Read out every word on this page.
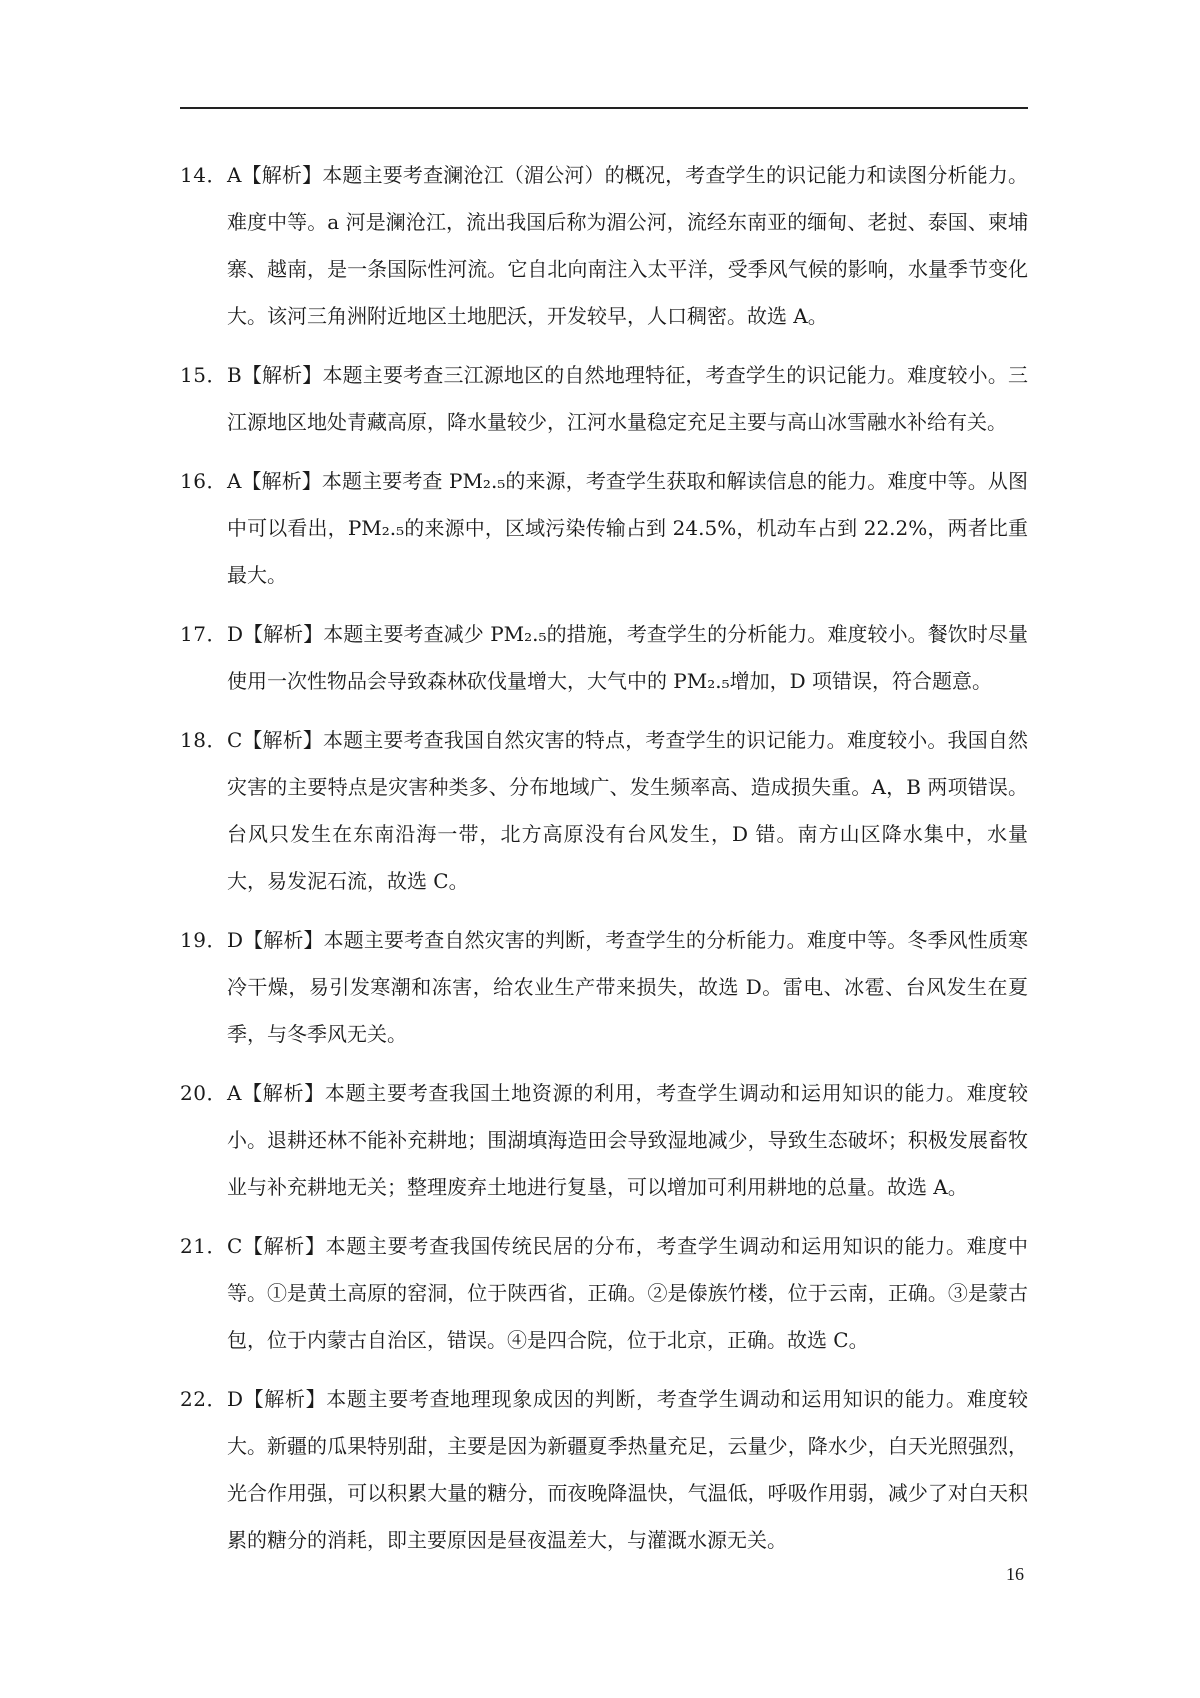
14． A【解析】本题主要考查澜沧江（湄公河）的概况，考查学生的识记能力和读图分析能力。难度中等。a 河是澜沧江，流出我国后称为湄公河，流经东南亚的缅甸、老挝、泰国、柬埔寨、越南，是一条国际性河流。它自北向南注入太平洋，受季风气候的影响，水量季节变化大。该河三角洲附近地区土地肥沃，开发较早，人口稠密。故选 A。
15． B【解析】本题主要考查三江源地区的自然地理特征，考查学生的识记能力。难度较小。三江源地区地处青藏高原，降水量较少，江河水量稳定充足主要与高山冰雪融水补给有关。
16． A【解析】本题主要考查 PM₂.₅的来源，考查学生获取和解读信息的能力。难度中等。从图中可以看出，PM₂.₅的来源中，区域污染传输占到 24.5%，机动车占到 22.2%，两者比重最大。
17． D【解析】本题主要考查减少 PM₂.₅的措施，考查学生的分析能力。难度较小。餐饮时尽量使用一次性物品会导致森林砍伐量增大，大气中的 PM₂.₅增加，D 项错误，符合题意。
18． C【解析】本题主要考查我国自然灾害的特点，考查学生的识记能力。难度较小。我国自然灾害的主要特点是灾害种类多、分布地域广、发生频率高、造成损失重。A，B 两项错误。台风只发生在东南沿海一带，北方高原没有台风发生，D 错。南方山区降水集中，水量大，易发泥石流，故选 C。
19． D【解析】本题主要考查自然灾害的判断，考查学生的分析能力。难度中等。冬季风性质寒冷干燥，易引发寒潮和冻害，给农业生产带来损失，故选 D。雷电、冰雹、台风发生在夏季，与冬季风无关。
20． A【解析】本题主要考查我国土地资源的利用，考查学生调动和运用知识的能力。难度较小。退耕还林不能补充耕地；围湖填海造田会导致湿地减少，导致生态破坏；积极发展畜牧业与补充耕地无关；整理废弃土地进行复垦，可以增加可利用耕地的总量。故选 A。
21． C【解析】本题主要考查我国传统民居的分布，考查学生调动和运用知识的能力。难度中等。①是黄土高原的窑洞，位于陕西省，正确。②是傣族竹楼，位于云南，正确。③是蒙古包，位于内蒙古自治区，错误。④是四合院，位于北京，正确。故选 C。
22． D【解析】本题主要考查地理现象成因的判断，考查学生调动和运用知识的能力。难度较大。新疆的瓜果特别甜，主要是因为新疆夏季热量充足，云量少，降水少，白天光照强烈，光合作用强，可以积累大量的糖分，而夜晚降温快，气温低，呼吸作用弱，减少了对白天积累的糖分的消耗，即主要原因是昼夜温差大，与灌溉水源无关。
16
